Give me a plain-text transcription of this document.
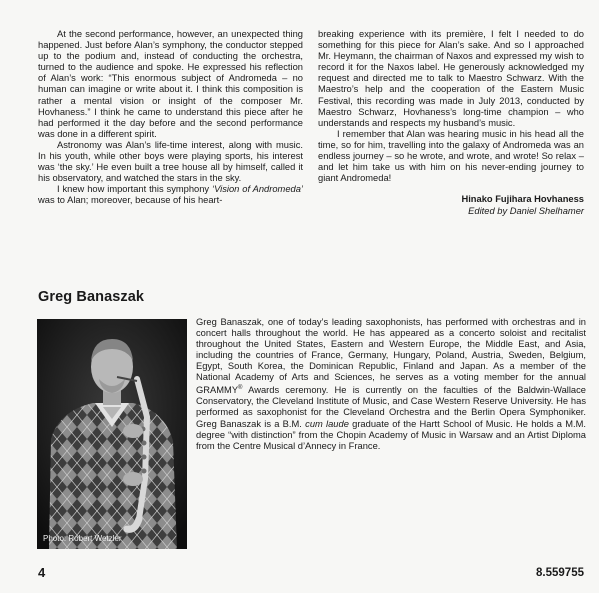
At the second performance, however, an unexpected thing happened. Just before Alan’s symphony, the conductor stepped up to the podium and, instead of conducting the orchestra, turned to the audience and spoke. He expressed his reflection of Alan’s work: “This enormous subject of Andromeda – no human can imagine or write about it. I think this composition is rather a mental vision or insight of the composer Mr. Hovhaness.” I think he came to understand this piece after he had performed it the day before and the second performance was done in a different spirit.

Astronomy was Alan’s life-time interest, along with music. In his youth, while other boys were playing sports, his interest was ‘the sky.’ He even built a tree house all by himself, called it his observatory, and watched the stars in the sky.

I knew how important this symphony ‘Vision of Andromeda’ was to Alan; moreover, because of his heart-

breaking experience with its première, I felt I needed to do something for this piece for Alan’s sake. And so I approached Mr. Heymann, the chairman of Naxos and expressed my wish to record it for the Naxos label. He generously acknowledged my request and directed me to talk to Maestro Schwarz. With the Maestro’s help and the cooperation of the Eastern Music Festival, this recording was made in July 2013, conducted by Maestro Schwarz, Hovhaness’s long-time champion – who understands and respects my husband’s music.

I remember that Alan was hearing music in his head all the time, so for him, travelling into the galaxy of Andromeda was an endless journey – so he wrote, and wrote, and wrote! So relax – and let him take us with him on his never-ending journey to giant Andromeda!

Hinako Fujihara Hovhaness
Edited by Daniel Shelhamer
Greg Banaszak
Photo: Robert Wetzler

Greg Banaszak, one of today’s leading saxophonists, has performed with orchestras and in concert halls throughout the world. He has appeared as a concerto soloist and recitalist throughout the United States, Eastern and Western Europe, the Middle East, and Asia, including the countries of France, Germany, Hungary, Poland, Austria, Sweden, Belgium, Egypt, South Korea, the Dominican Republic, Finland and Japan. As a member of the National Academy of Arts and Sciences, he serves as a voting member for the annual GRAMMY® Awards ceremony. He is currently on the faculties of the Baldwin-Wallace Conservatory, the Cleveland Institute of Music, and Case Western Reserve University. He has performed as saxophonist for the Cleveland Orchestra and the Berlin Opera Symphoniker. Greg Banaszak is a B.M. cum laude graduate of the Hartt School of Music. He holds a M.M. degree “with distinction” from the Chopin Academy of Music in Warsaw and an Artist Diploma from the Centre Musical d’Annecy in France.

4	8.559755
